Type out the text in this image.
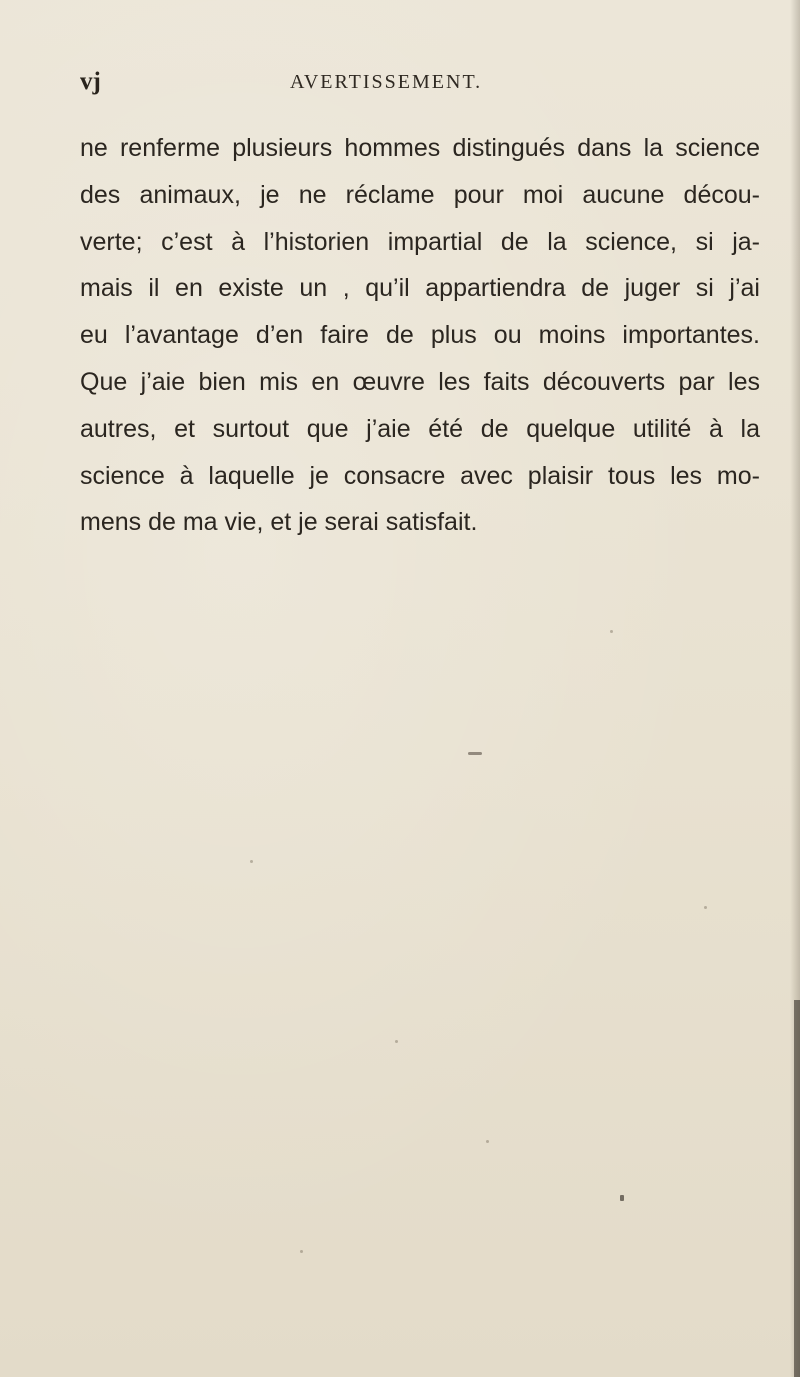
vj	AVERTISSEMENT.
ne renferme plusieurs hommes distingués dans la science
des animaux, je ne réclame pour moi aucune décou-
verte; c’est à l’historien impartial de la science, si ja-
mais il en existe un , qu’il appartiendra de juger si j’ai
eu l’avantage d’en faire de plus ou moins importantes.
Que j’aie bien mis en œuvre les faits découverts par les
autres, et surtout que j’aie été de quelque utilité à la
science à laquelle je consacre avec plaisir tous les mo-
mens de ma vie, et je serai satisfait.
